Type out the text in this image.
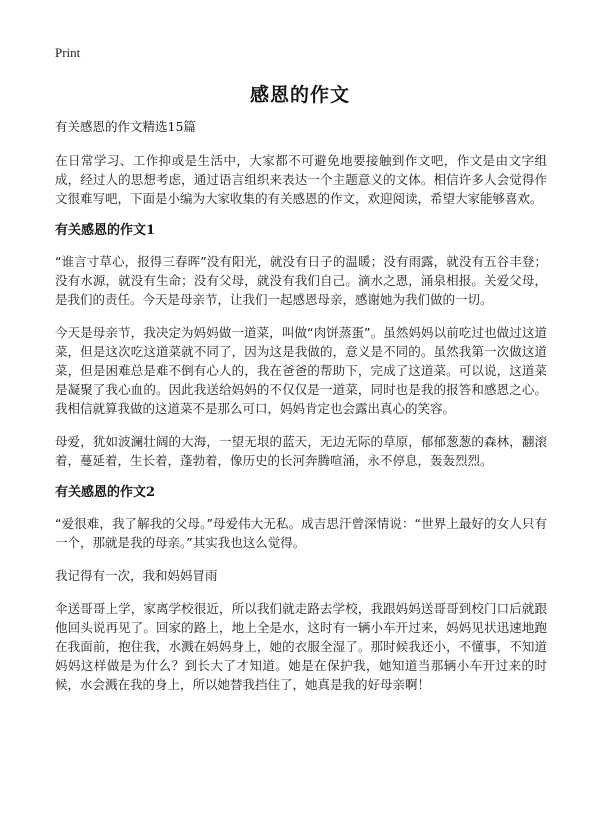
Print
感恩的作文
有关感恩的作文精选15篇

在日常学习、工作抑或是生活中，大家都不可避免地要接触到作文吧，作文是由文字组成，经过人的思想考虑，通过语言组织来表达一个主题意义的文体。相信许多人会觉得作文很难写吧，下面是小编为大家收集的有关感恩的作文，欢迎阅读，希望大家能够喜欢。

有关感恩的作文1

“谁言寸草心，报得三春晖”没有阳光，就没有日子的温暖；没有雨露，就没有五谷丰登；没有水源，就没有生命；没有父母，就没有我们自己。滴水之恩，涌泉相报。关爱父母，是我们的责任。今天是母亲节，让我们一起感恩母亲，感谢她为我们做的一切。

今天是母亲节，我决定为妈妈做一道菜，叫做“肉饼蒸蛋”。虽然妈妈以前吃过也做过这道菜，但是这次吃这道菜就不同了，因为这是我做的，意义是不同的。虽然我第一次做这道菜，但是困难总是难不倒有心人的，我在爸爸的帮助下，完成了这道菜。可以说，这道菜是凝聚了我心血的。因此我送给妈妈的不仅仅是一道菜，同时也是我的报答和感恩之心。我相信就算我做的这道菜不是那么可口，妈妈肯定也会露出真心的笑容。

母爱，犹如波澜壮阔的大海，一望无垠的蓝天，无边无际的草原，郁郁葱葱的森林，翻滚着，蔓延着，生长着，蓬勃着，像历史的长河奔腾喧涌，永不停息，轰轰烈烈。

有关感恩的作文2

“爱很难，我了解我的父母。”母爱伟大无私。成吉思汗曾深情说：“世界上最好的女人只有一个，那就是我的母亲。”其实我也这么觉得。

我记得有一次，我和妈妈冒雨

伞送哥哥上学，家离学校很近，所以我们就走路去学校，我跟妈妈送哥哥到校门口后就跟他回头说再见了。回家的路上，地上全是水，这时有一辆小车开过来，妈妈见状迅速地跑在我面前，抱住我，水溅在妈妈身上，她的衣服全湿了。那时候我还小，不懂事，不知道妈妈这样做是为什么？到长大了才知道。她是在保护我，她知道当那辆小车开过来的时候，水会溅在我的身上，所以她替我挡住了，她真是我的好母亲啊！
